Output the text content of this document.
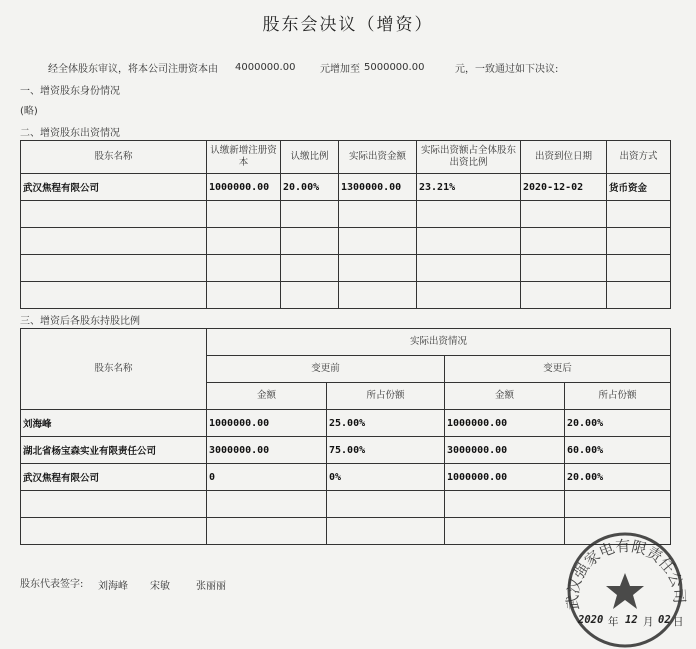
股东会决议（增资）
经全体股东审议，将本公司注册资本由 4000000.00 元增加至 5000000.00	元，一致通过如下决议:
一、增资股东身份情况
(略)
二、增资股东出资情况
股东名称	认缴新增注册资本	认缴比例	实际出资金额	实际出资额占全体股东出资比例	出资到位日期	出资方式
武汉焦程有限公司	1000000.00	20.00%	1300000.00	23.21%	2020-12-02	货币资金

三、增资后各股东持股比例
股东名称	实际出资情况			
	变更前		变更后	
	金额	所占份额	金额	所占份额
刘海峰	1000000.00	25.00%	1000000.00	20.00%
湖北省杨宝森实业有限责任公司	3000000.00	75.00%	3000000.00	60.00%
武汉焦程有限公司	0	0%	1000000.00	20.00%

股东代表签字: 刘海峰 宋敏	张丽丽
武汉强家电有限责任公司
2020 年 12 月 02 日
